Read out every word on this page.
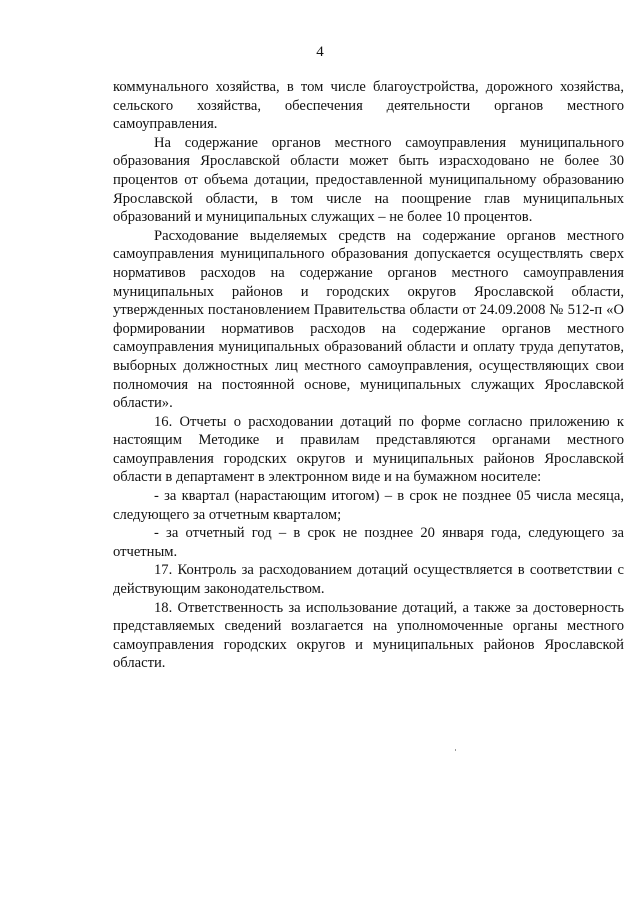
4

коммунального хозяйства, в том числе благоустройства, дорожного хозяйства, сельского хозяйства, обеспечения деятельности органов местного самоуправления.

На содержание органов местного самоуправления муниципального образования Ярославской области может быть израсходовано не более 30 процентов от объема дотации, предоставленной муниципальному образованию Ярославской области, в том числе на поощрение глав муниципальных образований и муниципальных служащих – не более 10 процентов.

Расходование выделяемых средств на содержание органов местного самоуправления муниципального образования допускается осуществлять сверх нормативов расходов на содержание органов местного самоуправления муниципальных районов и городских округов Ярославской области, утвержденных постановлением Правительства области от 24.09.2008 № 512-п «О формировании нормативов расходов на содержание органов местного самоуправления муниципальных образований области и оплату труда депутатов, выборных должностных лиц местного самоуправления, осуществляющих свои полномочия на постоянной основе, муниципальных служащих Ярославской области».

16. Отчеты о расходовании дотаций по форме согласно приложению к настоящим Методике и правилам представляются органами местного самоуправления городских округов и муниципальных районов Ярославской области в департамент в электронном виде и на бумажном носителе:

- за квартал (нарастающим итогом) – в срок не позднее 05 числа месяца, следующего за отчетным кварталом;

- за отчетный год – в срок не позднее 20 января года, следующего за отчетным.

17. Контроль за расходованием дотаций осуществляется в соответствии с действующим законодательством.

18. Ответственность за использование дотаций, а также за достоверность представляемых сведений возлагается на уполномоченные органы местного самоуправления городских округов и муниципальных районов Ярославской области.
